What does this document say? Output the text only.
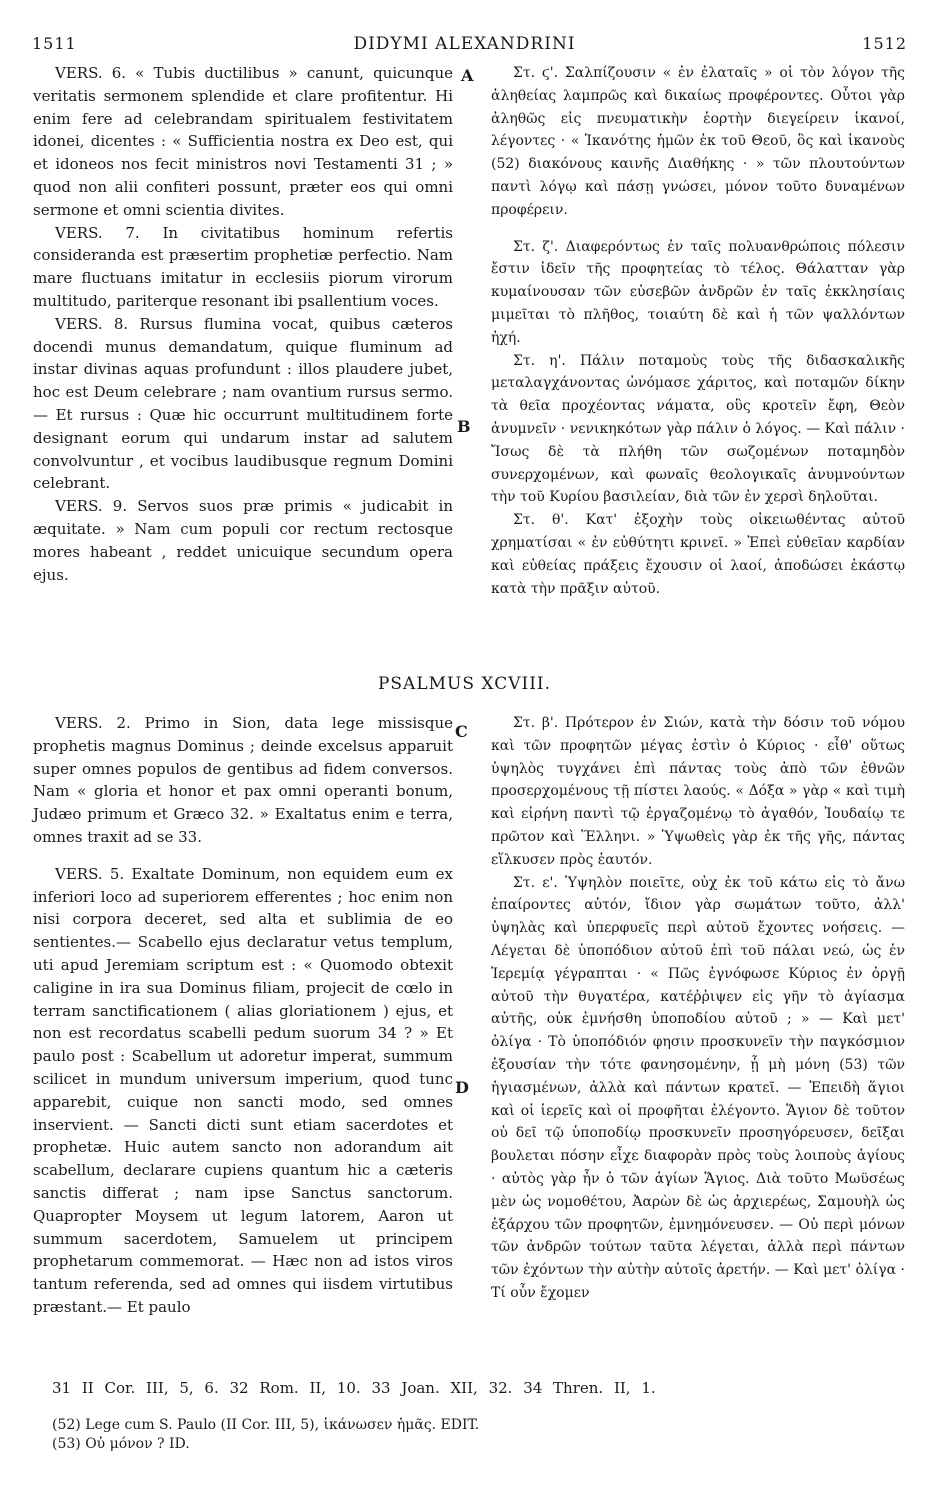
1511	DIDYMI ALEXANDRINI	1512

VERS. 6. « Tubis ductilibus » canunt, quicunque veritatis sermonem splendide et clare profitentur. Hi enim fere ad celebrandam spiritualem festivitatem idonei, dicentes : « Sufficientia nostra ex Deo est, qui et idoneos nos fecit ministros novi Testamenti 31 ; » quod non alii confiteri possunt, præter eos qui omni sermone et omni scientia divites.

VERS. 7. In civitatibus hominum refertis considerandа est præsertim prophetiæ perfectio. Nam mare fluctuans imitatur in ecclesiis piorum virorum multitudo, pariterque resonant ibi psallentium voces.

VERS. 8. Rursus flumina vocat, quibus cæteros docendi munus demandatum, quique fluminum ad instar divinas aquas profundunt : illos plaudere jubet, hoc est Deum celebrare ; nam ovantium rursus sermo. — Et rursus : Quæ hic occurrunt multitudinem forte designant eorum qui undarum instar ad salutem convolvuntur , et vocibus laudibusque regnum Domini celebrant.

VERS. 9. Servos suos præ primis « judicabit in æquitate. » Nam cum populi cor rectum rectosque mores habeant , reddet unicuique secundum opera ejus.

Στ. ϛ'. Σαλπίζουσιν « ἐν ἐλαταῖς » οἱ τὸν λόγον τῆς ἀληθείας λαμπρῶς καὶ δικαίως προφέροντες. Οὗτοι γὰρ ἀληθῶς εἰς πνευματικὴν ἑορτὴν διεγείρειν ἱκανοί, λέγοντες · « Ἱκανότης ἡμῶν ἐκ τοῦ Θεοῦ, ὃς καὶ ἱκανοὺς (52) διακόνους καινῆς Διαθήκης · » τῶν πλουτούντων παντὶ λόγῳ καὶ πάσῃ γνώσει, μόνον τοῦτο δυναμένων προφέρειν.

Στ. ζ'. Διαφερόντως ἐν ταῖς πολυανθρώποις πόλεσιν ἔστιν ἰδεῖν τῆς προφητείας τὸ τέλος. Θάλατταν γὰρ κυμαίνουσαν τῶν εὐσεβῶν ἀνδρῶν ἐν ταῖς ἐκκλησίαις μιμεῖται τὸ πλῆθος, τοιαύτη δὲ καὶ ἡ τῶν ψαλλόντων ἠχή.

Στ. η'. Πάλιν ποταμοὺς τοὺς τῆς διδασκαλικῆς μεταλαγχάνοντας ὠνόμασε χάριτος, καὶ ποταμῶν δίκην τὰ θεῖα προχέοντας νάματα, οὓς κροτεῖν ἔφη, Θεὸν ἀνυμνεῖν · νενικηκότων γὰρ πάλιν ὁ λόγος. — Καὶ πάλιν · Ἴσως δὲ τὰ πλήθη τῶν σωζομένων ποταμηδὸν συνερχομένων, καὶ φωναῖς θεολογικαῖς ἀνυμνούντων τὴν τοῦ Κυρίου βασιλείαν, διὰ τῶν ἐν χερσὶ δηλοῦται.

Στ. θ'. Κατ' ἐξοχὴν τοὺς οἰκειωθέντας αὐτοῦ χρηματίσαι « ἐν εὐθύτητι κρινεῖ. » Ἐπεὶ εὐθεῖαν καρδίαν καὶ εὐθείας πράξεις ἔχουσιν οἱ λαοί, ἀποδώσει ἑκάστῳ κατὰ τὴν πρᾶξιν αὐτοῦ.

A
B
C
D
PSALMUS XCVIII.

VERS. 2. Primo in Sion, data lege missisque prophetis magnus Dominus ; deinde excelsus apparuit super omnes populos de gentibus ad fidem conversos. Nam « gloria et honor et pax omni operanti bonum, Judæo primum et Græco 32. » Exaltatus enim e terra, omnes traxit ad se 33.

VERS. 5. Exaltate Dominum, non equidem eum ex inferiori loco ad superiorem efferentes ; hoc enim non nisi corpora deceret, sed alta et sublimia de eo sentientes.— Scabello ejus declaratur vetus templum, uti apud Jeremiam scriptum est : « Quomodo obtexit caligine in ira sua Dominus filiam, projecit de cœlo in terram sanctificationem ( alias gloriationem ) ejus, et non est recordatus scabelli pedum suorum 34 ? » Et paulo post : Scabellum ut adoretur imperat, summum scilicet in mundum universum imperium, quod tunc apparebit, cuique non sancti modo, sed omnes inservient. — Sancti dicti sunt etiam sacerdotes et prophetæ. Huic autem sancto non adorandum ait scabellum, declarare cupiens quantum hic a cæteris sanctis differat ; nam ipse Sanctus sanctorum. Quapropter Moysem ut legum latorem, Aaron ut summum sacerdotem, Samuelem ut principem prophetarum commemorat. — Hæc non ad istos viros tantum referenda, sed ad omnes qui iisdem virtutibus præstant.— Et paulo

Στ. β'. Πρότερον ἐν Σιών, κατὰ τὴν δόσιν τοῦ νόμου καὶ τῶν προφητῶν μέγας ἐστὶν ὁ Κύριος · εἶθ' οὕτως ὑψηλὸς τυγχάνει ἐπὶ πάντας τοὺς ἀπὸ τῶν ἐθνῶν προσερχομένους τῇ πίστει λαούς. « Δόξα » γὰρ « καὶ τιμὴ καὶ εἰρήνη παντὶ τῷ ἐργαζομένῳ τὸ ἀγαθόν, Ἰουδαίῳ τε πρῶτον καὶ Ἕλληνι. » Ὑψωθεὶς γὰρ ἐκ τῆς γῆς, πάντας εἵλκυσεν πρὸς ἑαυτόν.

Στ. ε'. Ὑψηλὸν ποιεῖτε, οὐχ ἐκ τοῦ κάτω εἰς τὸ ἄνω ἐπαίροντες αὐτόν, ἴδιον γὰρ σωμάτων τοῦτο, ἀλλ' ὑψηλὰς καὶ ὑπερφυεῖς περὶ αὐτοῦ ἔχοντες νοήσεις. — Λέγεται δὲ ὑποπόδιον αὐτοῦ ἐπὶ τοῦ πάλαι νεώ, ὡς ἐν Ἱερεμίᾳ γέγραπται · « Πῶς ἐγνόφωσε Κύριος ἐν ὀργῇ αὐτοῦ τὴν θυγατέρα, κατέῤῥιψεν εἰς γῆν τὸ ἁγίασμα αὐτῆς, οὐκ ἐμνήσθη ὑποποδίου αὐτοῦ ; » — Καὶ μετ' ὀλίγα · Τὸ ὑποπόδιόν φησιν προσκυνεῖν τὴν παγκόσμιον ἐξουσίαν τὴν τότε φανησομένην, ᾗ μὴ μόνη (53) τῶν ἡγιασμένων, ἀλλὰ καὶ πάντων κρατεῖ. — Ἐπειδὴ ἅγιοι καὶ οἱ ἱερεῖς καὶ οἱ προφῆται ἐλέγοντο. Ἅγιον δὲ τοῦτον οὐ δεῖ τῷ ὑποποδίῳ προσκυνεῖν προσηγόρευσεν, δεῖξαι βουλεται πόσην εἶχε διαφορὰν πρὸς τοὺς λοιποὺς ἁγίους · αὐτὸς γὰρ ἦν ὁ τῶν ἁγίων Ἅγιος. Διὰ τοῦτο Μωϋσέως μὲν ὡς νομοθέτου, Ἀαρὼν δὲ ὡς ἀρχιερέως, Σαμουὴλ ὡς ἐξάρχου τῶν προφητῶν, ἐμνημόνευσεν. — Οὐ περὶ μόνων τῶν ἀνδρῶν τούτων ταῦτα λέγεται, ἀλλὰ περὶ πάντων τῶν ἐχόντων τὴν αὐτὴν αὐτοῖς ἀρετήν. — Καὶ μετ' ὀλίγα · Τί οὖν ἔχομεν

31 II Cor. III, 5, 6. 32 Rom. II, 10. 33 Joan. XII, 32. 34 Thren. II, 1.
(52) Lege cum S. Paulo (II Cor. III, 5), ἱκάνωσεν ἡμᾶς. EDIT.
(53) Οὐ μόνον ? ID.
